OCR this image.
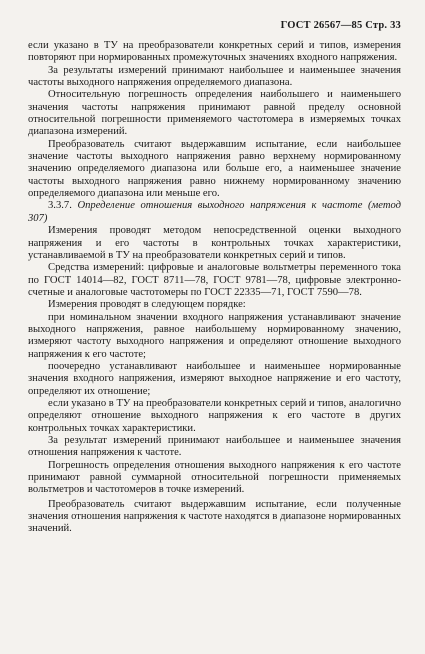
ГОСТ 26567—85 Стр. 33

если указано в ТУ на преобразователи конкретных серий и типов, измерения повторяют при нормированных промежуточных значениях входного напряжения.

За результаты измерений принимают наибольшее и наименьшее значения частоты выходного напряжения определяемого диапазона.

Относительную погрешность определения наибольшего и наименьшего значения частоты напряжения принимают равной пределу основной относительной погрешности применяемого частотомера в измеряемых точках диапазона измерений.

Преобразователь считают выдержавшим испытание, если наибольшее значение частоты выходного напряжения равно верхнему нормированному значению определяемого диапазона или больше его, а наименьшее значение частоты выходного напряжения равно нижнему нормированному значению определяемого диапазона или меньше его.

3.3.7. Определение отношения выходного напряжения к частоте (метод 307)

Измерения проводят методом непосредственной оценки выходного напряжения и его частоты в контрольных точках характеристики, устанавливаемой в ТУ на преобразователи конкретных серий и типов.

Средства измерений: цифровые и аналоговые вольтметры переменного тока по ГОСТ 14014—82, ГОСТ 8711—78, ГОСТ 9781—78, цифровые электронно-счетные и аналоговые частотомеры по ГОСТ 22335—71, ГОСТ 7590—78.

Измерения проводят в следующем порядке:

при номинальном значении входного напряжения устанавливают значение выходного напряжения, равное наибольшему нормированному значению, измеряют частоту выходного напряжения и определяют отношение выходного напряжения к его частоте;

поочередно устанавливают наибольшее и наименьшее нормированные значения входного напряжения, измеряют выходное напряжение и его частоту, определяют их отношение;

если указано в ТУ на преобразователи конкретных серий и типов, аналогично определяют отношение выходного напряжения к его частоте в других контрольных точках характеристики.

За результат измерений принимают наибольшее и наименьшее значения отношения напряжения к частоте.

Погрешность определения отношения выходного напряжения к его частоте принимают равной суммарной относительной погрешности применяемых вольтметров и частотомеров в точке измерений.

Преобразователь считают выдержавшим испытание, если полученные значения отношения напряжения к частоте находятся в диапазоне нормированных значений.
